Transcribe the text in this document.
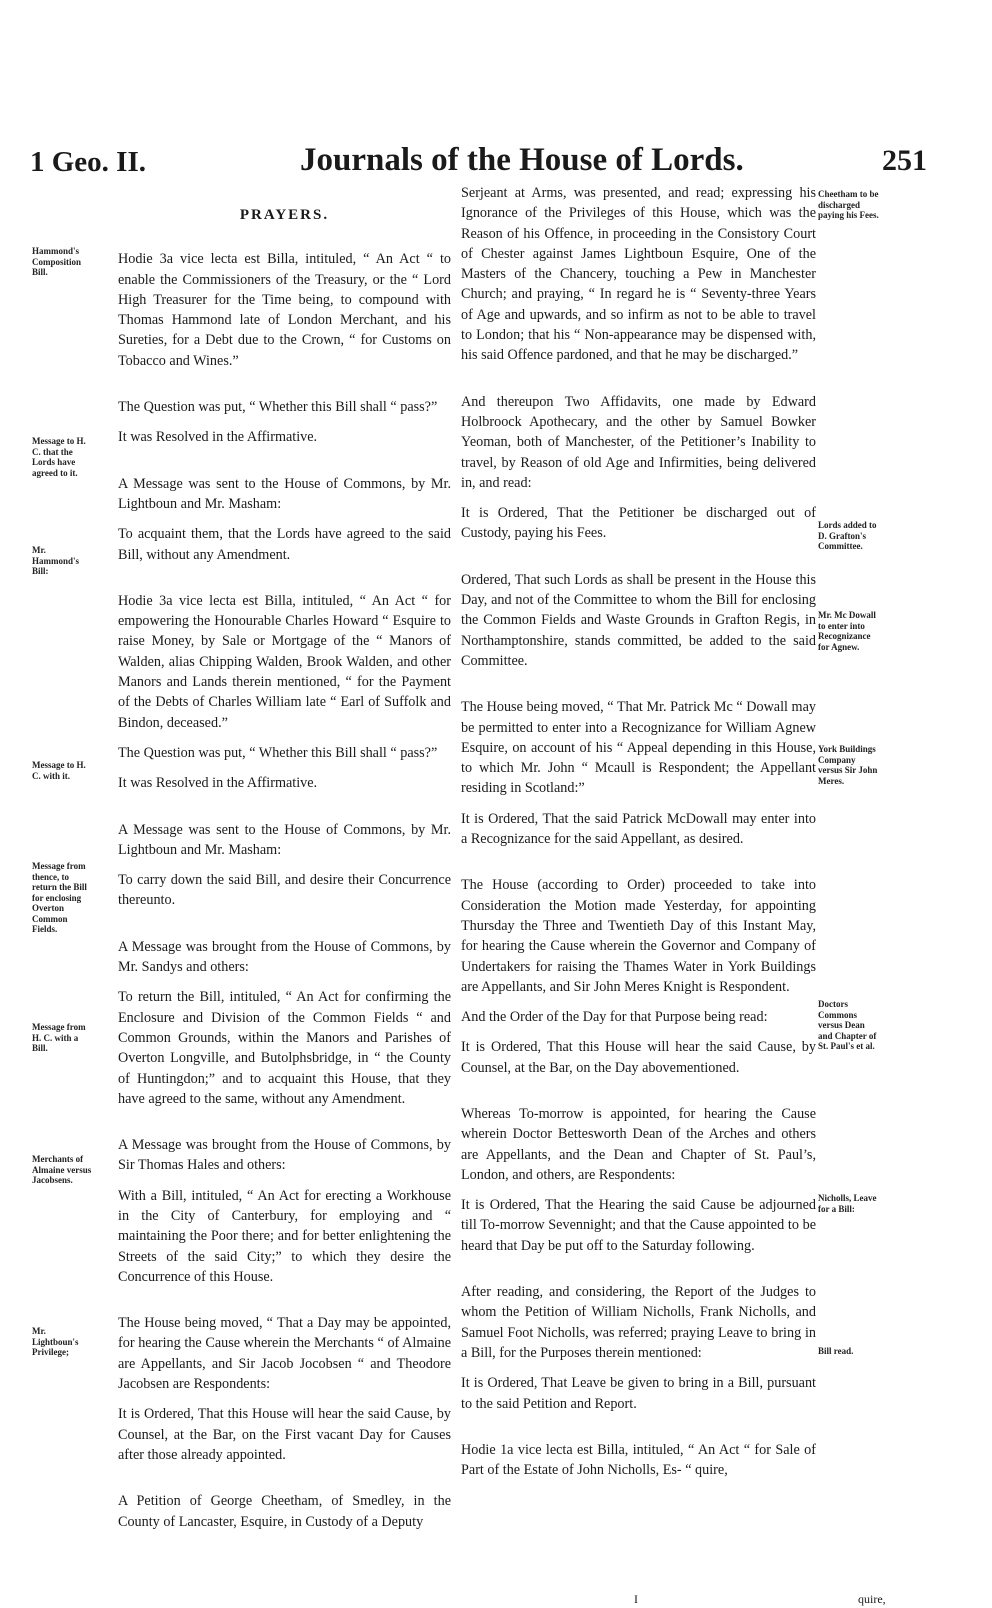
1 Geo. II.	Journals of the House of Lords.	251
Hammond's Composition Bill.
Message to H. C. that the Lords have agreed to it.
Mr. Hammond's Bill:
Message to H. C. with it.
Message from thence, to return the Bill for enclosing Overton Common Fields.
Message from H. C. with a Bill.
Merchants of Almaine versus Jacobsens.
Mr. Lightboun's Privilege;
Cheetham to be discharged paying his Fees.
Lords added to D. Grafton's Committee.
Mr. Mc Dowall to enter into Recognizance for Agnew.
York Buildings Company versus Sir John Meres.
Doctors Commons versus Dean and Chapter of St. Paul's et al.
Nicholls, Leave for a Bill:
Bill read.
PRAYERS.

Hodie 3a vice lecta est Billa, intituled, “ An Act “ to enable the Commissioners of the Treasury, or the “ Lord High Treasurer for the Time being, to compound with Thomas Hammond late of London Merchant, and his Sureties, for a Debt due to the Crown, “ for Customs on Tobacco and Wines.”

The Question was put, “ Whether this Bill shall “ pass?”

It was Resolved in the Affirmative.

A Message was sent to the House of Commons, by Mr. Lightboun and Mr. Masham:

To acquaint them, that the Lords have agreed to the said Bill, without any Amendment.

Hodie 3a vice lecta est Billa, intituled, “ An Act “ for empowering the Honourable Charles Howard “ Esquire to raise Money, by Sale or Mortgage of the “ Manors of Walden, alias Chipping Walden, Brook Walden, and other Manors and Lands therein mentioned, “ for the Payment of the Debts of Charles William late “ Earl of Suffolk and Bindon, deceased.”

The Question was put, “ Whether this Bill shall “ pass?”

It was Resolved in the Affirmative.

A Message was sent to the House of Commons, by Mr. Lightboun and Mr. Masham:

To carry down the said Bill, and desire their Concurrence thereunto.

A Message was brought from the House of Commons, by Mr. Sandys and others:

To return the Bill, intituled, “ An Act for confirming the Enclosure and Division of the Common Fields “ and Common Grounds, within the Manors and Parishes of Overton Longville, and Butolphsbridge, in “ the County of Huntingdon;” and to acquaint this House, that they have agreed to the same, without any Amendment.

A Message was brought from the House of Commons, by Sir Thomas Hales and others:

With a Bill, intituled, “ An Act for erecting a Workhouse in the City of Canterbury, for employing and “ maintaining the Poor there; and for better enlightening the Streets of the said City;” to which they desire the Concurrence of this House.

The House being moved, “ That a Day may be appointed, for hearing the Cause wherein the Merchants “ of Almaine are Appellants, and Sir Jacob Jocobsen “ and Theodore Jacobsen are Respondents:

It is Ordered, That this House will hear the said Cause, by Counsel, at the Bar, on the First vacant Day for Causes after those already appointed.

A Petition of George Cheetham, of Smedley, in the County of Lancaster, Esquire, in Custody of a Deputy

Serjeant at Arms, was presented, and read; expressing his Ignorance of the Privileges of this House, which was the Reason of his Offence, in proceeding in the Consistory Court of Chester against James Lightboun Esquire, One of the Masters of the Chancery, touching a Pew in Manchester Church; and praying, “ In regard he is “ Seventy-three Years of Age and upwards, and so infirm as not to be able to travel to London; that his “ Non-appearance may be dispensed with, his said Offence pardoned, and that he may be discharged.”

And thereupon Two Affidavits, one made by Edward Holbroock Apothecary, and the other by Samuel Bowker Yeoman, both of Manchester, of the Petitioner’s Inability to travel, by Reason of old Age and Infirmities, being delivered in, and read:

It is Ordered, That the Petitioner be discharged out of Custody, paying his Fees.

Ordered, That such Lords as shall be present in the House this Day, and not of the Committee to whom the Bill for enclosing the Common Fields and Waste Grounds in Grafton Regis, in Northamptonshire, stands committed, be added to the said Committee.

The House being moved, “ That Mr. Patrick Mc “ Dowall may be permitted to enter into a Recognizance for William Agnew Esquire, on account of his “ Appeal depending in this House, to which Mr. John “ Mcaull is Respondent; the Appellant residing in Scotland:”

It is Ordered, That the said Patrick McDowall may enter into a Recognizance for the said Appellant, as desired.

The House (according to Order) proceeded to take into Consideration the Motion made Yesterday, for appointing Thursday the Three and Twentieth Day of this Instant May, for hearing the Cause wherein the Governor and Company of Undertakers for raising the Thames Water in York Buildings are Appellants, and Sir John Meres Knight is Respondent.

And the Order of the Day for that Purpose being read:

It is Ordered, That this House will hear the said Cause, by Counsel, at the Bar, on the Day abovementioned.

Whereas To-morrow is appointed, for hearing the Cause wherein Doctor Bettesworth Dean of the Arches and others are Appellants, and the Dean and Chapter of St. Paul’s, London, and others, are Respondents:

It is Ordered, That the Hearing the said Cause be adjourned till To-morrow Sevennight; and that the Cause appointed to be heard that Day be put off to the Saturday following.

After reading, and considering, the Report of the Judges to whom the Petition of William Nicholls, Frank Nicholls, and Samuel Foot Nicholls, was referred; praying Leave to bring in a Bill, for the Purposes therein mentioned:

It is Ordered, That Leave be given to bring in a Bill, pursuant to the said Petition and Report.

Hodie 1a vice lecta est Billa, intituled, “ An Act “ for Sale of Part of the Estate of John Nicholls, Es- “ quire,

I	quire,
